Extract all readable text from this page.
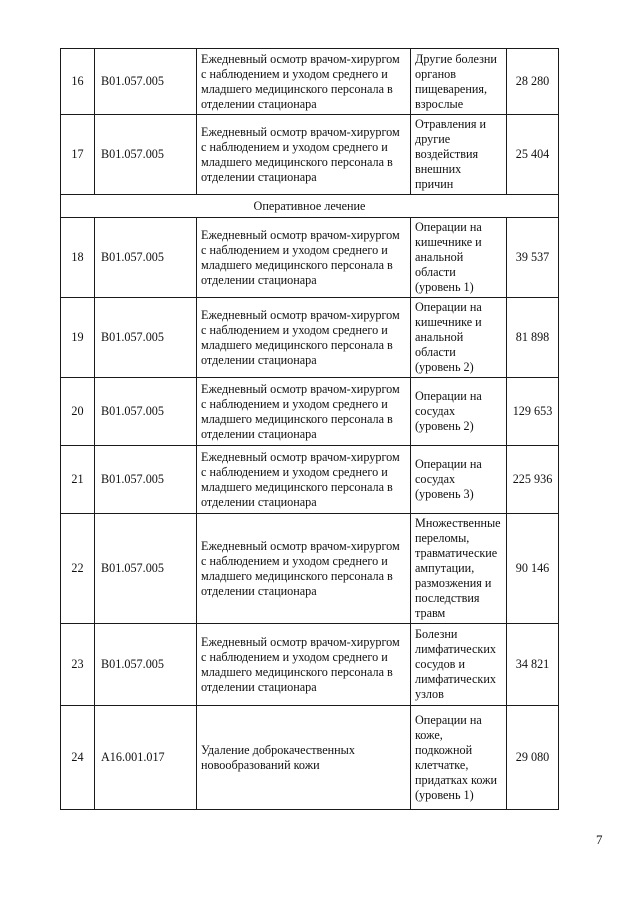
16	B01.057.005	Ежедневный осмотр врачом-хирургом с наблюдением и уходом среднего и младшего медицинского персонала в отделении стационара	Другие болезни органов пищеварения, взрослые	28 280
17	B01.057.005	Ежедневный осмотр врачом-хирургом с наблюдением и уходом среднего и младшего медицинского персонала в отделении стационара	Отравления и другие воздействия внешних причин	25 404
Оперативное лечение				
18	B01.057.005	Ежедневный осмотр врачом-хирургом с наблюдением и уходом среднего и младшего медицинского персонала в отделении стационара	Операции на кишечнике и анальной области (уровень 1)	39 537
19	B01.057.005	Ежедневный осмотр врачом-хирургом с наблюдением и уходом среднего и младшего медицинского персонала в отделении стационара	Операции на кишечнике и анальной области (уровень 2)	81 898
20	B01.057.005	Ежедневный осмотр врачом-хирургом с наблюдением и уходом среднего и младшего медицинского персонала в отделении стационара	Операции на сосудах (уровень 2)	129 653
21	B01.057.005	Ежедневный осмотр врачом-хирургом с наблюдением и уходом среднего и младшего медицинского персонала в отделении стационара	Операции на сосудах (уровень 3)	225 936
22	B01.057.005	Ежедневный осмотр врачом-хирургом с наблюдением и уходом среднего и младшего медицинского персонала в отделении стационара	Множественные переломы, травматические ампутации, размозжения и последствия травм	90 146
23	B01.057.005	Ежедневный осмотр врачом-хирургом с наблюдением и уходом среднего и младшего медицинского персонала в отделении стационара	Болезни лимфатических сосудов и лимфатических узлов	34 821
24	A16.001.017	Удаление доброкачественных новообразований кожи	Операции на коже, подкожной клетчатке, придатках кожи (уровень 1)	29 080
7
